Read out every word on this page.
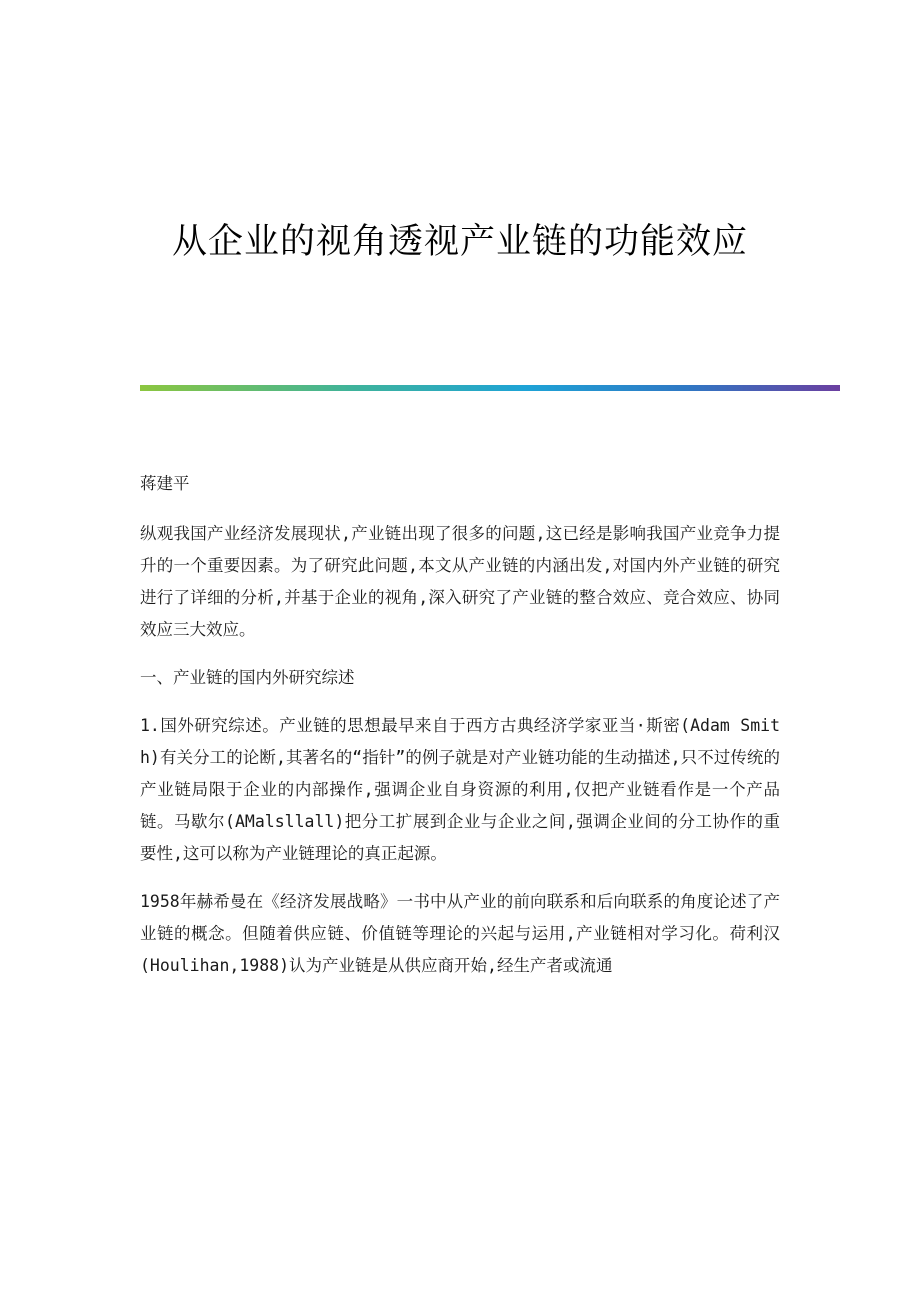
从企业的视角透视产业链的功能效应

蒋建平

纵观我国产业经济发展现状,产业链出现了很多的问题,这已经是影响我国产业竞争力提升的一个重要因素。为了研究此问题,本文从产业链的内涵出发,对国内外产业链的研究进行了详细的分析,并基于企业的视角,深入研究了产业链的整合效应、竞合效应、协同效应三大效应。

一、产业链的国内外研究综述

1.国外研究综述。产业链的思想最早来自于西方古典经济学家亚当·斯密(Adam Smith)有关分工的论断,其著名的“指针”的例子就是对产业链功能的生动描述,只不过传统的产业链局限于企业的内部操作,强调企业自身资源的利用,仅把产业链看作是一个产品链。马歇尔(AMalsllall)把分工扩展到企业与企业之间,强调企业间的分工协作的重要性,这可以称为产业链理论的真正起源。

1958年赫希曼在《经济发展战略》一书中从产业的前向联系和后向联系的角度论述了产业链的概念。但随着供应链、价值链等理论的兴起与运用,产业链相对学习化。荷利汉(Houlihan,1988)认为产业链是从供应商开始,经生产者或流通
